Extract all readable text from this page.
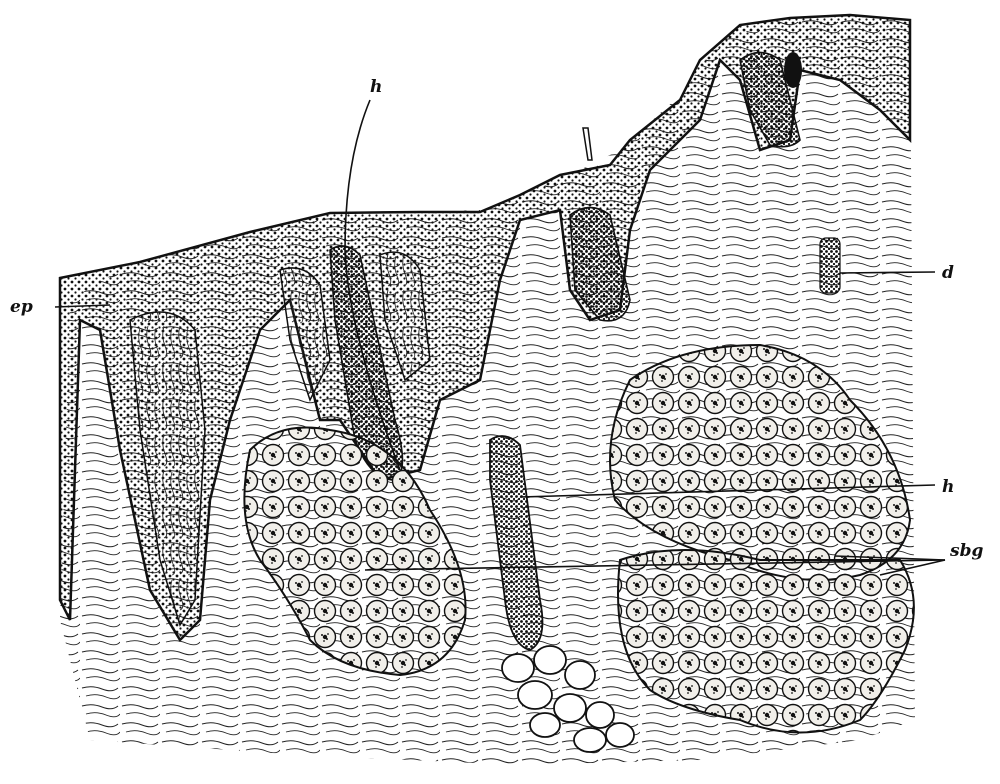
h
ep
d
h
sbg
